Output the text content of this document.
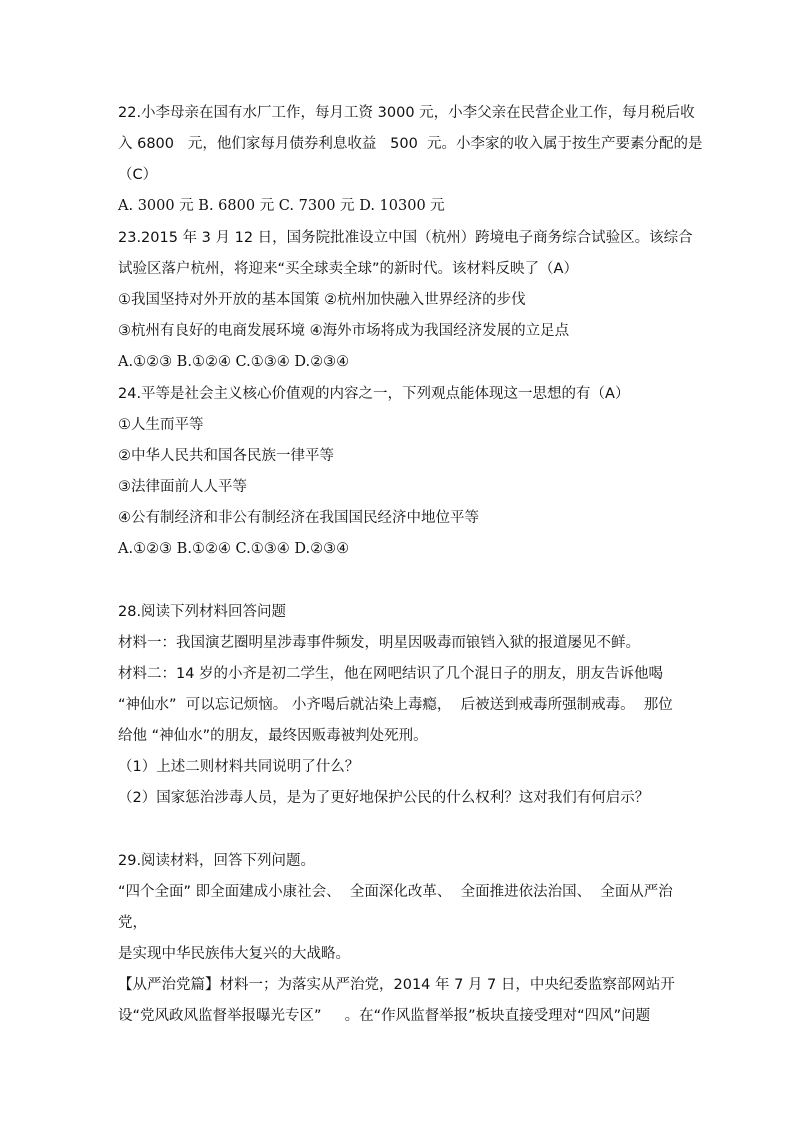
22.小李母亲在国有水厂工作，每月工资 3000 元，小李父亲在民营企业工作，每月税后收
入 6800   元，他们家每月债券利息收益   500  元。小李家的收入属于按生产要素分配的是
（C）
A. 3000 元 B. 6800 元 C. 7300 元 D. 10300 元
23.2015 年 3 月 12 日，国务院批准设立中国（杭州）跨境电子商务综合试验区。该综合
试验区落户杭州，将迎来“买全球卖全球”的新时代。该材料反映了（A）
①我国坚持对外开放的基本国策 ②杭州加快融入世界经济的步伐
③杭州有良好的电商发展环境 ④海外市场将成为我国经济发展的立足点
A.①②③ B.①②④ C.①③④ D.②③④
24.平等是社会主义核心价值观的内容之一，下列观点能体现这一思想的有（A）
①人生而平等
②中华人民共和国各民族一律平等
③法律面前人人平等
④公有制经济和非公有制经济在我国国民经济中地位平等
A.①②③ B.①②④ C.①③④ D.②③④
28.阅读下列材料回答问题
材料一：我国演艺圈明星涉毒事件频发，明星因吸毒而锒铛入狱的报道屡见不鲜。
材料二：14 岁的小齐是初二学生，他在网吧结识了几个混日子的朋友，朋友告诉他喝
“神仙水”  可以忘记烦恼。 小齐喝后就沾染上毒瘾，  后被送到戒毒所强制戒毒。  那位
给他 “神仙水”的朋友，最终因贩毒被判处死刑。
（1）上述二则材料共同说明了什么？
（2）国家惩治涉毒人员，是为了更好地保护公民的什么权利？这对我们有何启示？
29.阅读材料，回答下列问题。
“四个全面” 即全面建成小康社会、  全面深化改革、  全面推进依法治国、  全面从严治
党，
是实现中华民族伟大复兴的大战略。
【从严治党篇】材料一；为落实从严治党，2014 年 7 月 7 日，中央纪委监察部网站开
设“党风政风监督举报曝光专区”     。在“作风监督举报”板块直接受理对“四风”问题
